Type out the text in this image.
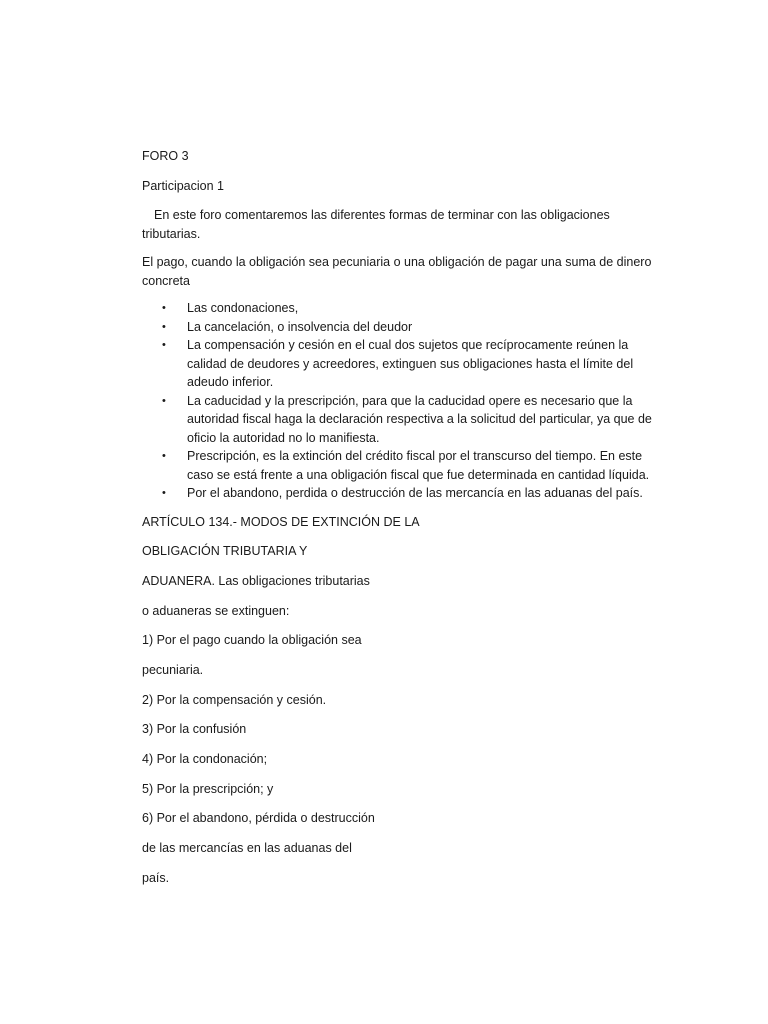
FORO 3

Participacion 1

En este foro comentaremos las diferentes formas de terminar con las obligaciones tributarias.

El pago, cuando la obligación sea pecuniaria o una obligación de pagar una suma de dinero concreta

• Las condonaciones,
• La cancelación, o insolvencia del deudor
• La compensación y cesión en el cual dos sujetos que recíprocamente reúnen la calidad de deudores y acreedores, extinguen sus obligaciones hasta el límite del adeudo inferior.
• La caducidad y la prescripción, para que la caducidad opere es necesario que la autoridad fiscal haga la declaración respectiva a la solicitud del particular, ya que de oficio la autoridad no lo manifiesta.
• Prescripción, es la extinción del crédito fiscal por el transcurso del tiempo. En este caso se está frente a una obligación fiscal que fue determinada en cantidad líquida.
• Por el abandono, perdida o destrucción de las mercancía en las aduanas del país.

ARTÍCULO 134.- MODOS DE EXTINCIÓN DE LA

OBLIGACIÓN TRIBUTARIA Y

ADUANERA. Las obligaciones tributarias

o aduaneras se extinguen:

1) Por el pago cuando la obligación sea

pecuniaria.

2) Por la compensación y cesión.

3) Por la confusión

4) Por la condonación;

5) Por la prescripción; y

6) Por el abandono, pérdida o destrucción

de las mercancías en las aduanas del

país.
